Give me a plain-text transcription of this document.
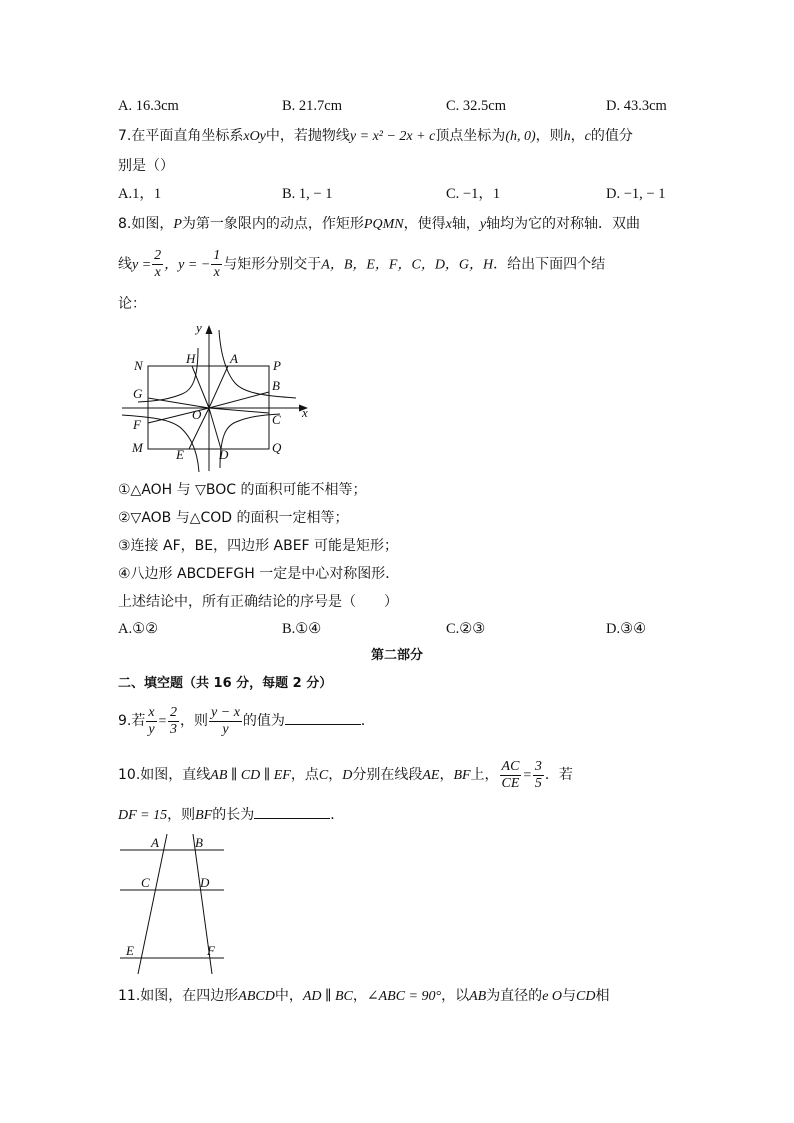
A. 16.3cm	B. 21.7cm	C. 32.5cm	D. 43.3cm
7.在平面直角坐标系xOy中，若抛物线y = x² − 2x + c顶点坐标为(h, 0)，则h，c的值分
别是（）
A.1，1	B. 1, − 1	C. −1，1	D. −1, − 1
8.如图，P为第一象限内的动点，作矩形PQMN，使得x轴，y轴均为它的对称轴．双曲
线$y = \frac{2}{x}$ ，y = − $\frac{1}{x}$ 与矩形分别交于A，B，E，F，C，D，G，H．给出下面四个结
论：
y
x
N	H	A	P
G
B
O
F	C
M	E	D	Q
①△AOH 与 ▽BOC 的面积可能不相等；
②▽AOB 与△COD 的面积一定相等；
③连接 AF，BE，四边形 ABEF 可能是矩形；
④八边形 ABCDEFGH 一定是中心对称图形．
上述结论中，所有正确结论的序号是（　　）
A.①②	B.①④	C.②③	D.③④
第二部分
二、填空题（共 16 分，每题 2 分）
9.若 $\frac{x}{y} = \frac{2}{3}$ ，则 $\frac{y - x}{y}$ 的值为	．
10.如图，直线AB ∥ CD ∥ EF，点C，D分别在线段AE，BF上， $\frac{AC}{CE} = \frac{3}{5}$ ．若
DF = 15，则BF的长为	．
A	B
C	D
E	F
11.如图，在四边形ABCD中，AD ∥ BC，∠ABC = 90°，以AB为直径的e O与CD相
